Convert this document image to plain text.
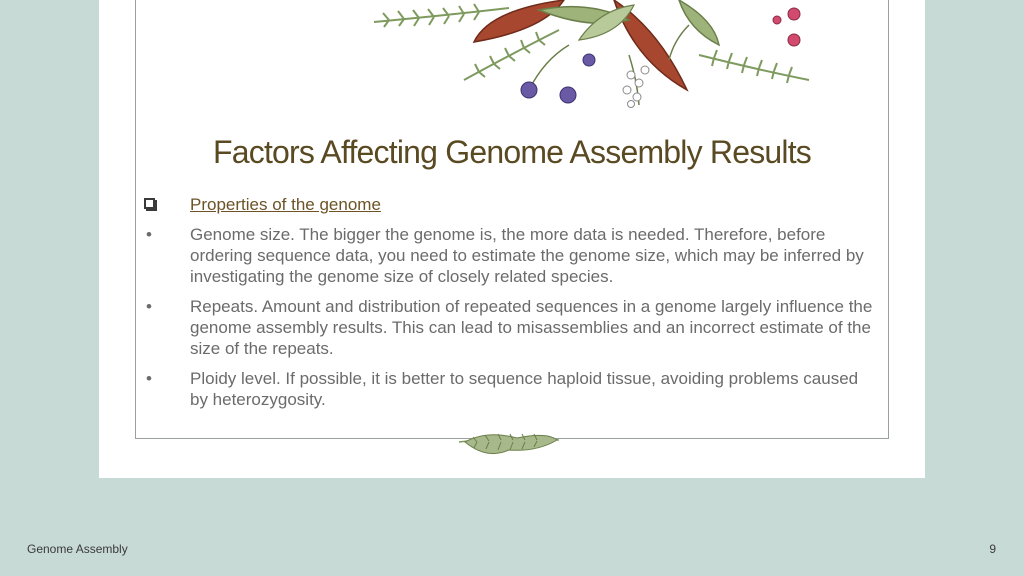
Factors Affecting Genome Assembly Results
Properties of the genome
• Genome size. The bigger the genome is, the more data is needed. Therefore, before ordering sequence data, you need to estimate the genome size, which may be inferred by investigating the genome size of closely related species.
• Repeats. Amount and distribution of repeated sequences in a genome largely influence the genome assembly results. This can lead to misassemblies and an incorrect estimate of the size of the repeats.
• Ploidy level. If possible, it is better to sequence haploid tissue, avoiding problems caused by heterozygosity.
Genome Assembly	9
